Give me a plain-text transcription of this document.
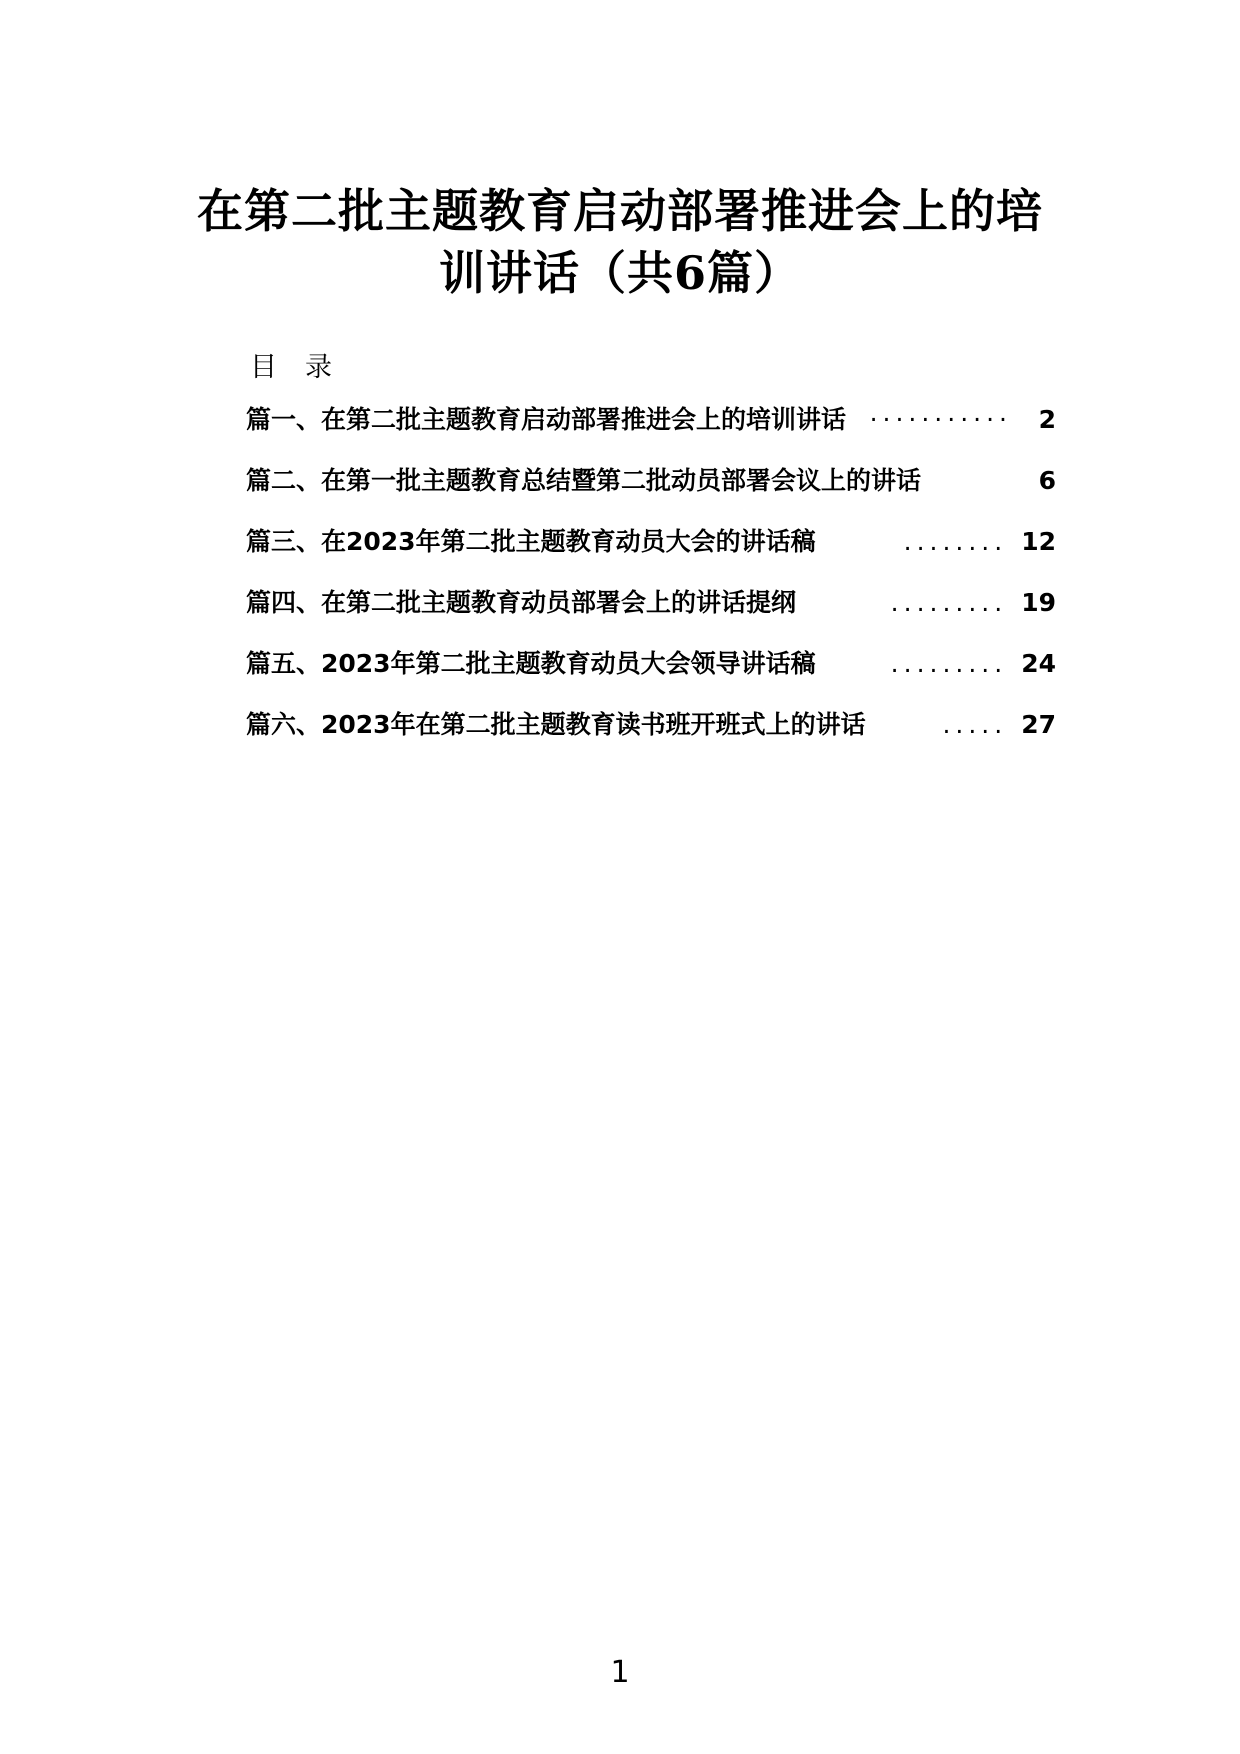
在第二批主题教育启动部署推进会上的培
训讲话（共6篇）
目录
篇一、在第二批主题教育启动部署推进会上的培训讲话 ···········	2
篇二、在第一批主题教育总结暨第二批动员部署会议上的讲话	6
篇三、在2023年第二批主题教育动员大会的讲话稿	........ 12
篇四、在第二批主题教育动员部署会上的讲话提纲	......... 19
篇五、2023年第二批主题教育动员大会领导讲话稿	......... 24
篇六、2023年在第二批主题教育读书班开班式上的讲话	..... 27
1
